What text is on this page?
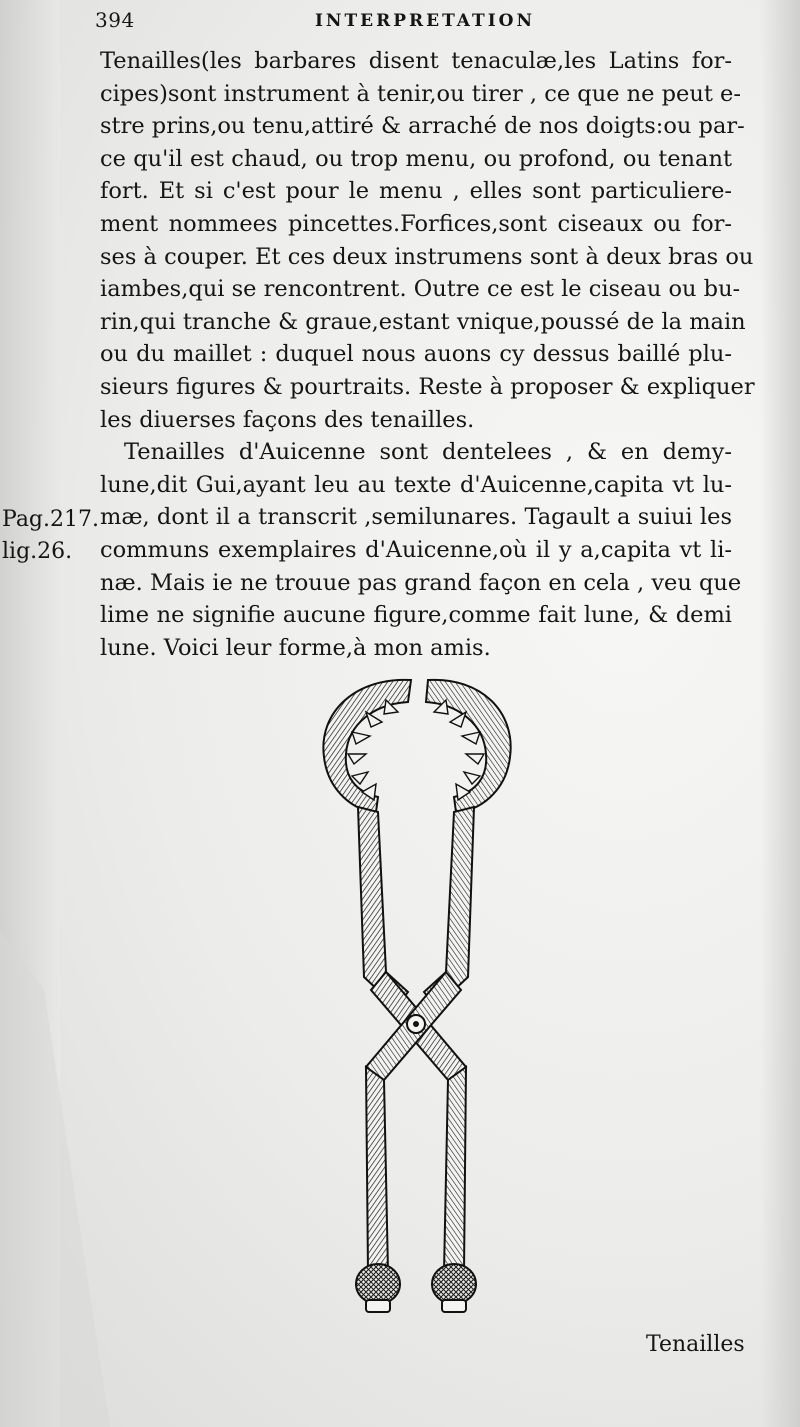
394	INTERPRETATION

Tenailles(les barbares disent tenaculæ,les Latins for-
cipes)sont instrument à tenir,ou tirer , ce que ne peut e-
stre prins,ou tenu,attiré & arraché de nos doigts:ou par-
ce qu'il est chaud, ou trop menu, ou profond, ou tenant
fort. Et si c'est pour le menu , elles sont particuliere-
ment nommees pincettes.Forfices,sont ciseaux ou for-
ses à couper. Et ces deux instrumens sont à deux bras ou
iambes,qui se rencontrent. Outre ce est le ciseau ou bu-
rin,qui tranche & graue,estant vnique,poussé de la main
ou du maillet : duquel nous auons cy dessus baillé plu-
sieurs figures & pourtraits. Reste à proposer & expliquer
les diuerses façons des tenailles.

Tenailles d'Auicenne sont dentelees , & en demy-
lune,dit Gui,ayant leu au texte d'Auicenne,capita vt lu-
mæ, dont il a transcrit ,semilunares. Tagault a suiui les
communs exemplaires d'Auicenne,où il y a,capita vt li-
næ. Mais ie ne trouue pas grand façon en cela , veu que
lime ne signifie aucune figure,comme fait lune, & demi
lune. Voici leur forme,à mon amis.

Pag.217.
lig.26.
Tenailles
